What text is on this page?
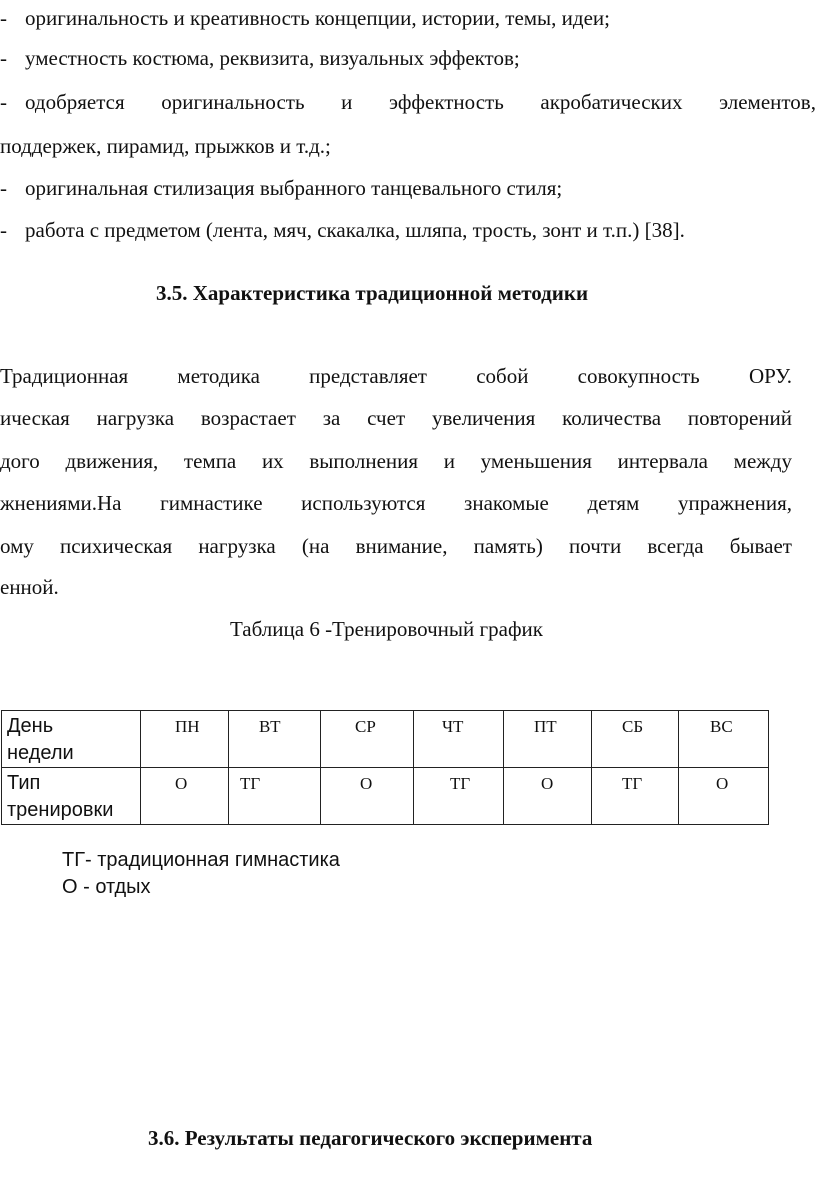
- оригинальность и креативность концепции, истории, темы, идеи;
- уместность костюма, реквизита, визуальных эффектов;
- одобряется оригинальность и эффектность акробатических элементов,
поддержек, пирамид, прыжков и т.д.;
- оригинальная стилизация выбранного танцевального стиля;
- работа с предметом (лента, мяч, скакалка, шляпа, трость, зонт и т.п.) [38].
3.5. Характеристика традиционной методики
Традиционная методика представляет собой совокупность ОРУ.
ическая нагрузка возрастает за счет увеличения количества повторений
дого движения, темпа их выполнения и уменьшения интервала между
жнениями.На гимнастике используются знакомые детям упражнения,
ому психическая нагрузка (на внимание, память) почти всегда бывает
енной.
Таблица 6 -Тренировочный график
День
недели	ПН	ВТ	СР	ЧТ	ПТ	СБ	ВС
Тип
тренировки	О	ТГ	О	ТГ	О	ТГ	О
ТГ- традиционная гимнастика
О - отдых
3.6. Результаты педагогического эксперимента
